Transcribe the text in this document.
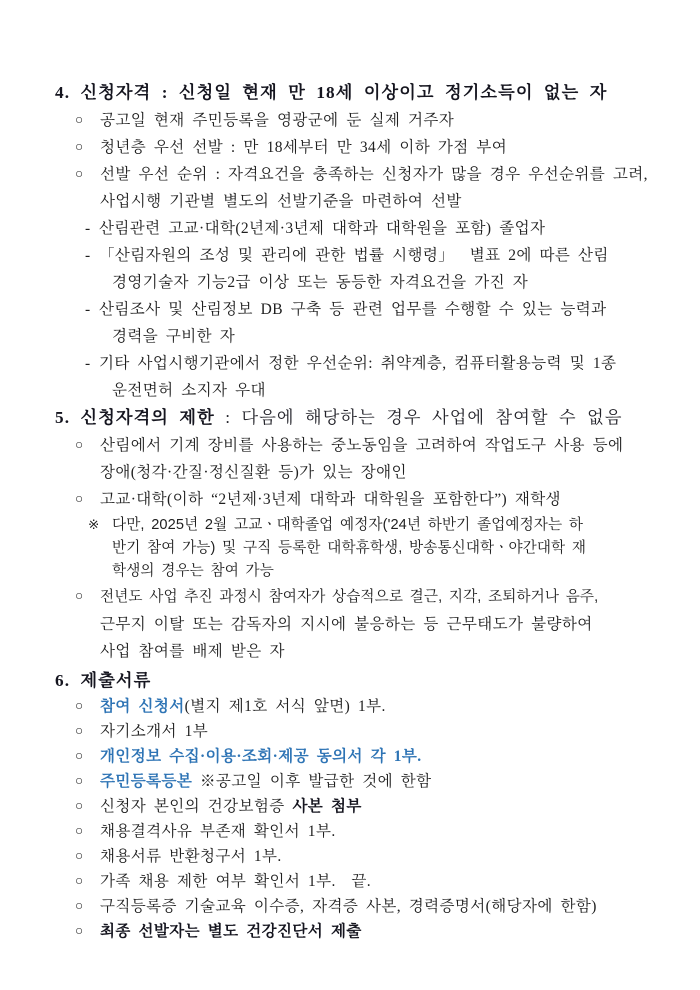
4. 신청자격 : 신청일 현재 만 18세 이상이고 정기소득이 없는 자
○	공고일 현재 주민등록을 영광군에 둔 실제 거주자
○	청년층 우선 선발 : 만 18세부터 만 34세 이하 가점 부여
○	선발 우선 순위 : 자격요건을 충족하는 신청자가 많을 경우 우선순위를 고려,
사업시행 기관별 별도의 선발기준을 마련하여 선발
- 산림관련 고교·대학(2년제·3년제 대학과 대학원을 포함) 졸업자
- 「산림자원의 조성 및 관리에 관한 법률 시행령」  별표 2에 따른 산림
경영기술자 기능2급 이상 또는 동등한 자격요건을 가진 자
- 산림조사 및 산림정보 DB 구축 등 관련 업무를 수행할 수 있는 능력과
경력을 구비한 자
- 기타 사업시행기관에서 정한 우선순위: 취약계층, 컴퓨터활용능력 및 1종
운전면허 소지자 우대
5. 신청자격의 제한 : 다음에 해당하는 경우 사업에 참여할 수 없음
○	산림에서 기계 장비를 사용하는 중노동임을 고려하여 작업도구 사용 등에
장애(청각·간질·정신질환 등)가 있는 장애인
○	고교·대학(이하 “2년제·3년제 대학과 대학원을 포함한다”) 재학생
※ 다만, 2025년 2월 고교ㆍ대학졸업 예정자('24년 하반기 졸업예정자는 하
반기 참여 가능) 및 구직 등록한 대학휴학생, 방송통신대학ㆍ야간대학 재
학생의 경우는 참여 가능
○	전년도 사업 추진 과정시 참여자가 상습적으로 결근, 지각, 조퇴하거나 음주,
근무지 이탈 또는 감독자의 지시에 불응하는 등 근무태도가 불량하여
사업 참여를 배제 받은 자
6. 제출서류
○	참여 신청서 (별지 제1호 서식 앞면) 1부.
○	자기소개서 1부
○	개인정보 수집·이용·조회·제공 동의서 각 1부.
○	주민등록등본 ※공고일 이후 발급한 것에 한함
○	신청자 본인의 건강보험증 사본 첨부
○	채용결격사유 부존재 확인서 1부.
○	채용서류 반환청구서 1부.
○	가족 채용 제한 여부 확인서 1부.  끝.
○	구직등록증 기술교육 이수증, 자격증 사본, 경력증명서(해당자에 한함)
○	최종 선발자는 별도 건강진단서 제출
